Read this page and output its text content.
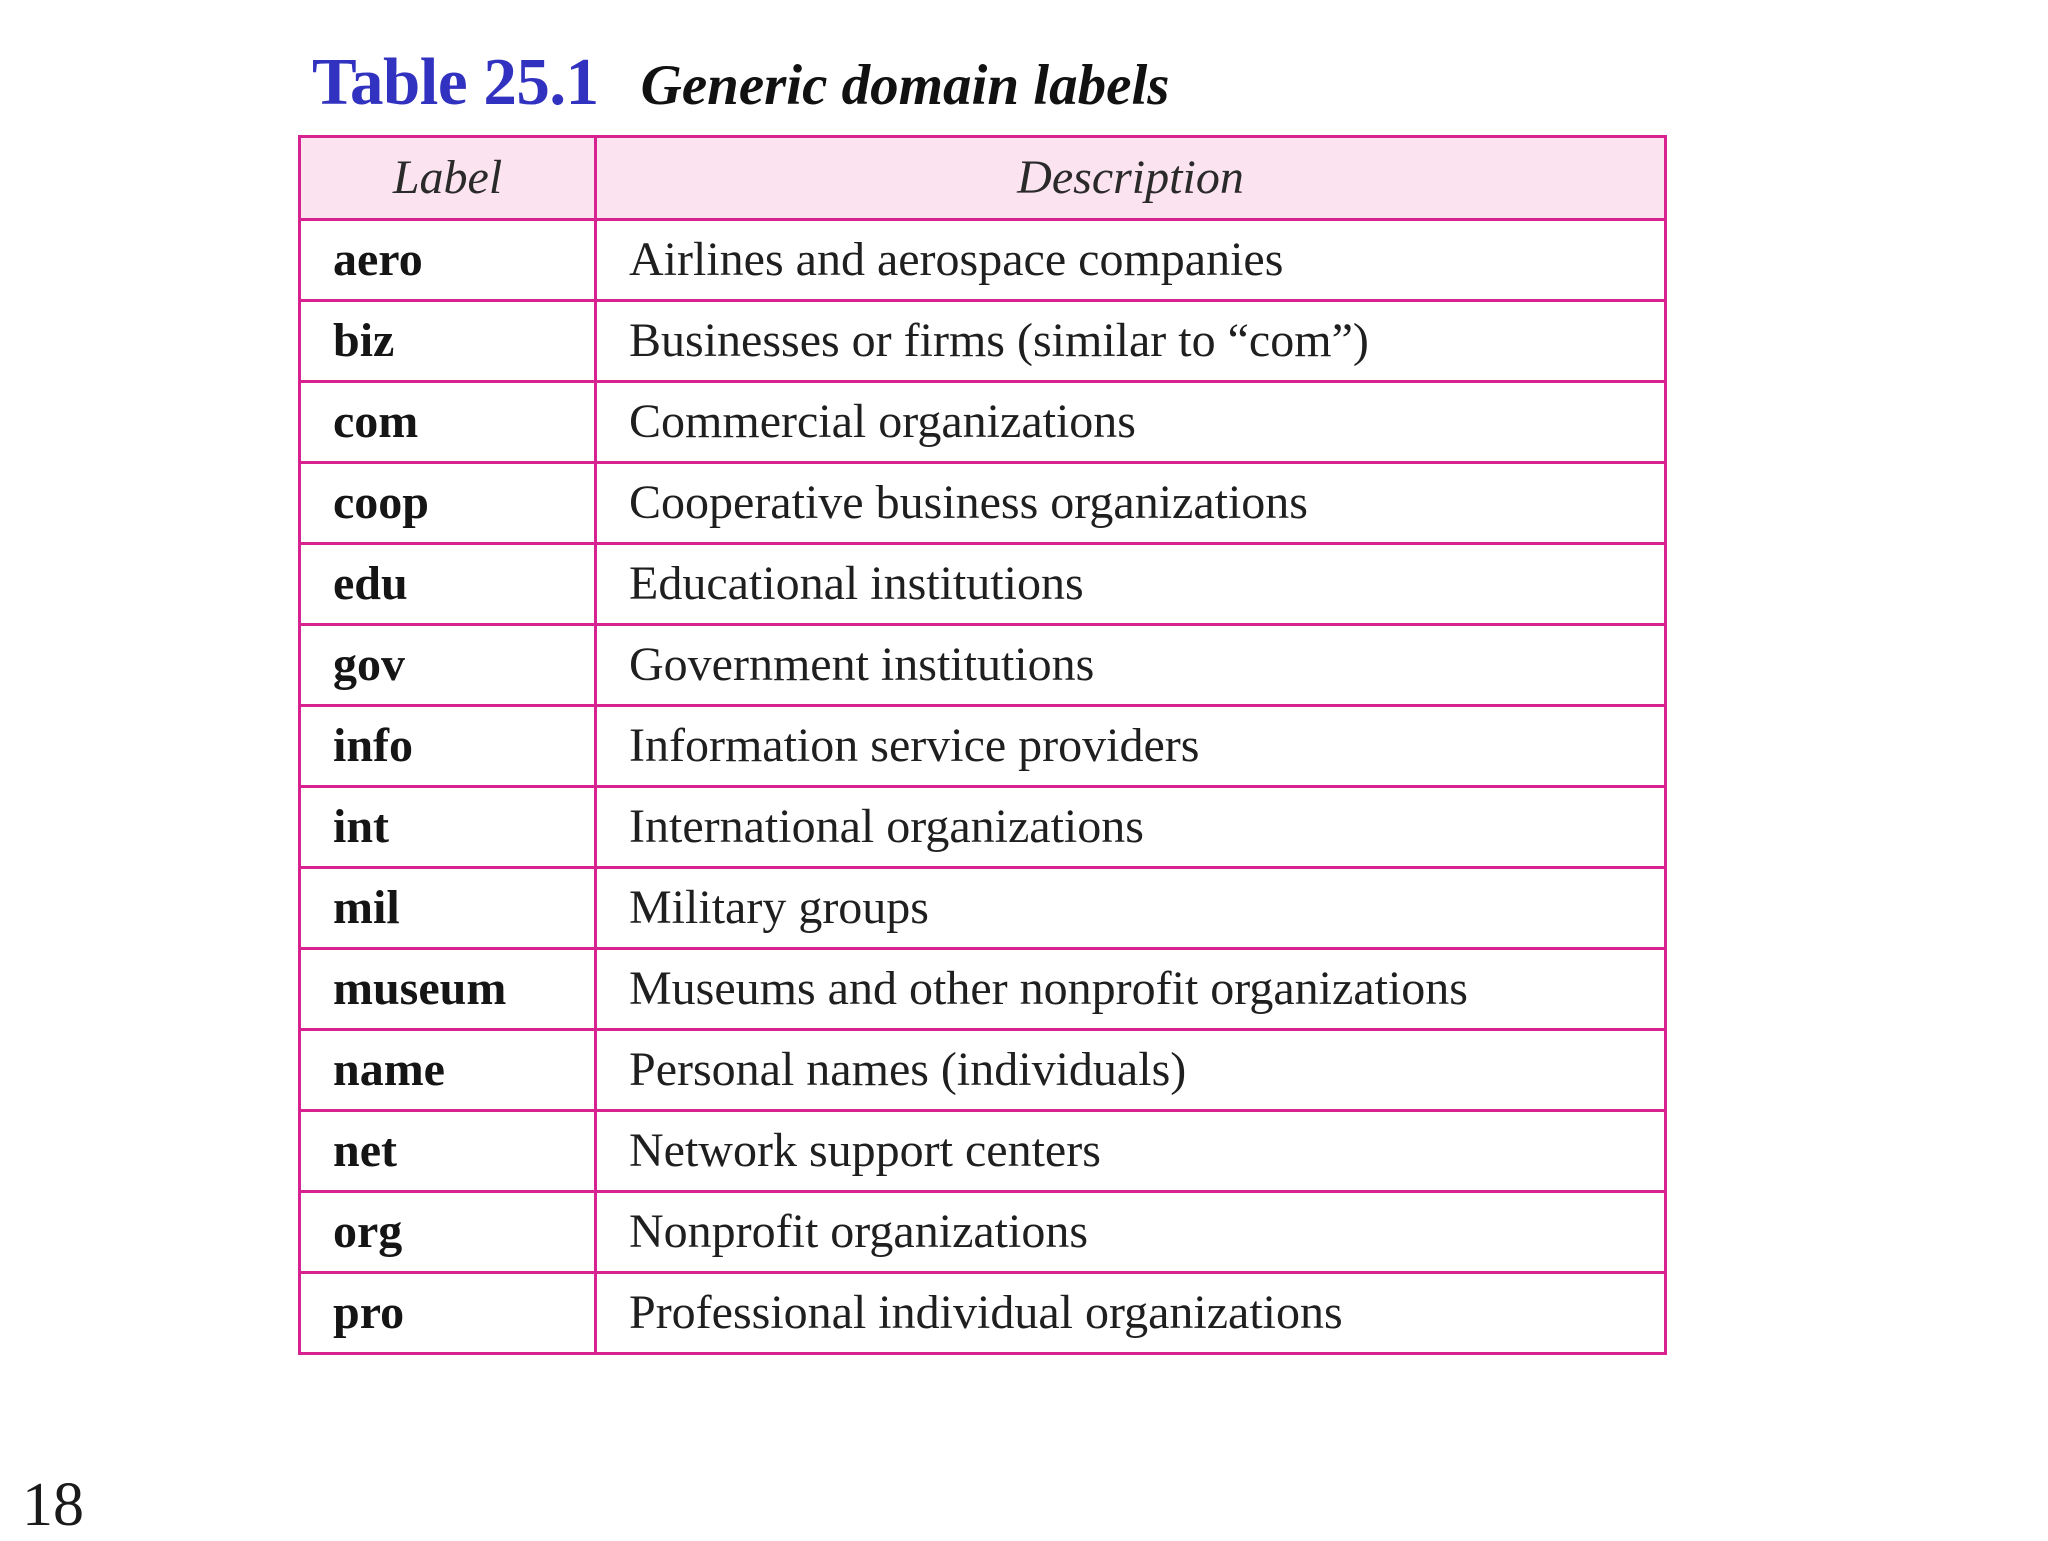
Table 25.1 Generic domain labels
Label	Description
aero	Airlines and aerospace companies
biz	Businesses or firms (similar to “com”)
com	Commercial organizations
coop	Cooperative business organizations
edu	Educational institutions
gov	Government institutions
info	Information service providers
int	International organizations
mil	Military groups
museum	Museums and other nonprofit organizations
name	Personal names (individuals)
net	Network support centers
org	Nonprofit organizations
pro	Professional individual organizations
18
